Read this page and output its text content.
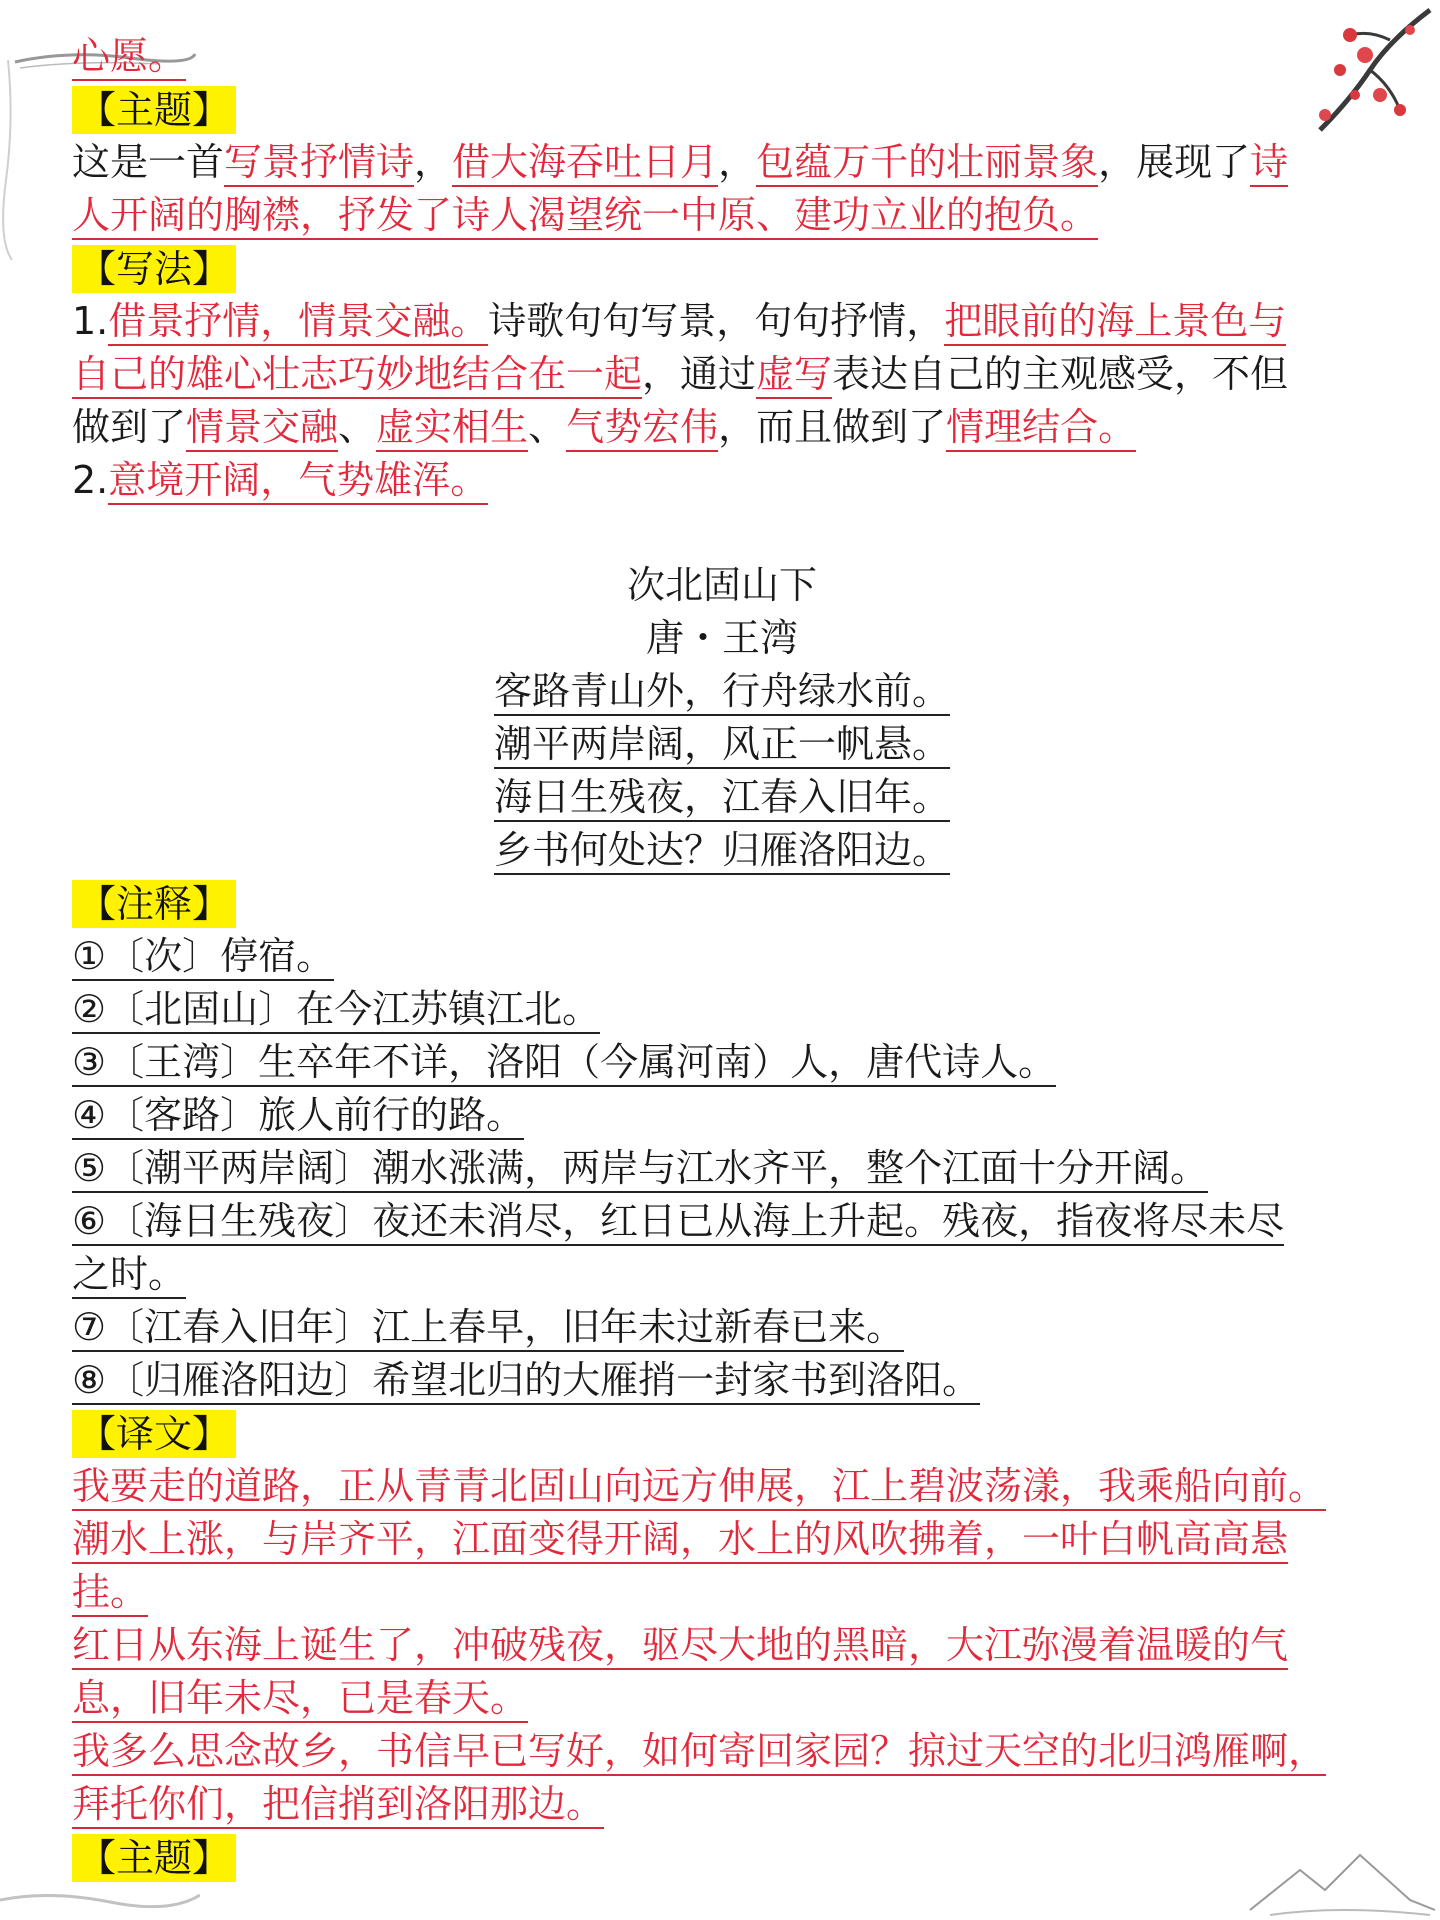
心愿。
【主题】
这是一首写景抒情诗，借大海吞吐日月，包蕴万千的壮丽景象，展现了诗
人开阔的胸襟，抒发了诗人渴望统一中原、建功立业的抱负。
【写法】
1.借景抒情，情景交融。诗歌句句写景，句句抒情，把眼前的海上景色与
自己的雄心壮志巧妙地结合在一起，通过虚写表达自己的主观感受，不但
做到了情景交融、虚实相生、气势宏伟，而且做到了情理结合。
2.意境开阔，气势雄浑。
次北固山下
唐・王湾
客路青山外，行舟绿水前。
潮平两岸阔，风正一帆悬。
海日生残夜，江春入旧年。
乡书何处达？归雁洛阳边。
【注释】
①〔次〕停宿。
②〔北固山〕在今江苏镇江北。
③〔王湾〕生卒年不详，洛阳（今属河南）人，唐代诗人。
④〔客路〕旅人前行的路。
⑤〔潮平两岸阔〕潮水涨满，两岸与江水齐平，整个江面十分开阔。
⑥〔海日生残夜〕夜还未消尽，红日已从海上升起。残夜，指夜将尽未尽
之时。
⑦〔江春入旧年〕江上春早，旧年未过新春已来。
⑧〔归雁洛阳边〕希望北归的大雁捎一封家书到洛阳。
【译文】
我要走的道路，正从青青北固山向远方伸展，江上碧波荡漾，我乘船向前。
潮水上涨，与岸齐平，江面变得开阔，水上的风吹拂着，一叶白帆高高悬
挂。
红日从东海上诞生了，冲破残夜，驱尽大地的黑暗，大江弥漫着温暖的气
息，旧年未尽，已是春天。
我多么思念故乡，书信早已写好，如何寄回家园？掠过天空的北归鸿雁啊，
拜托你们，把信捎到洛阳那边。
【主题】
